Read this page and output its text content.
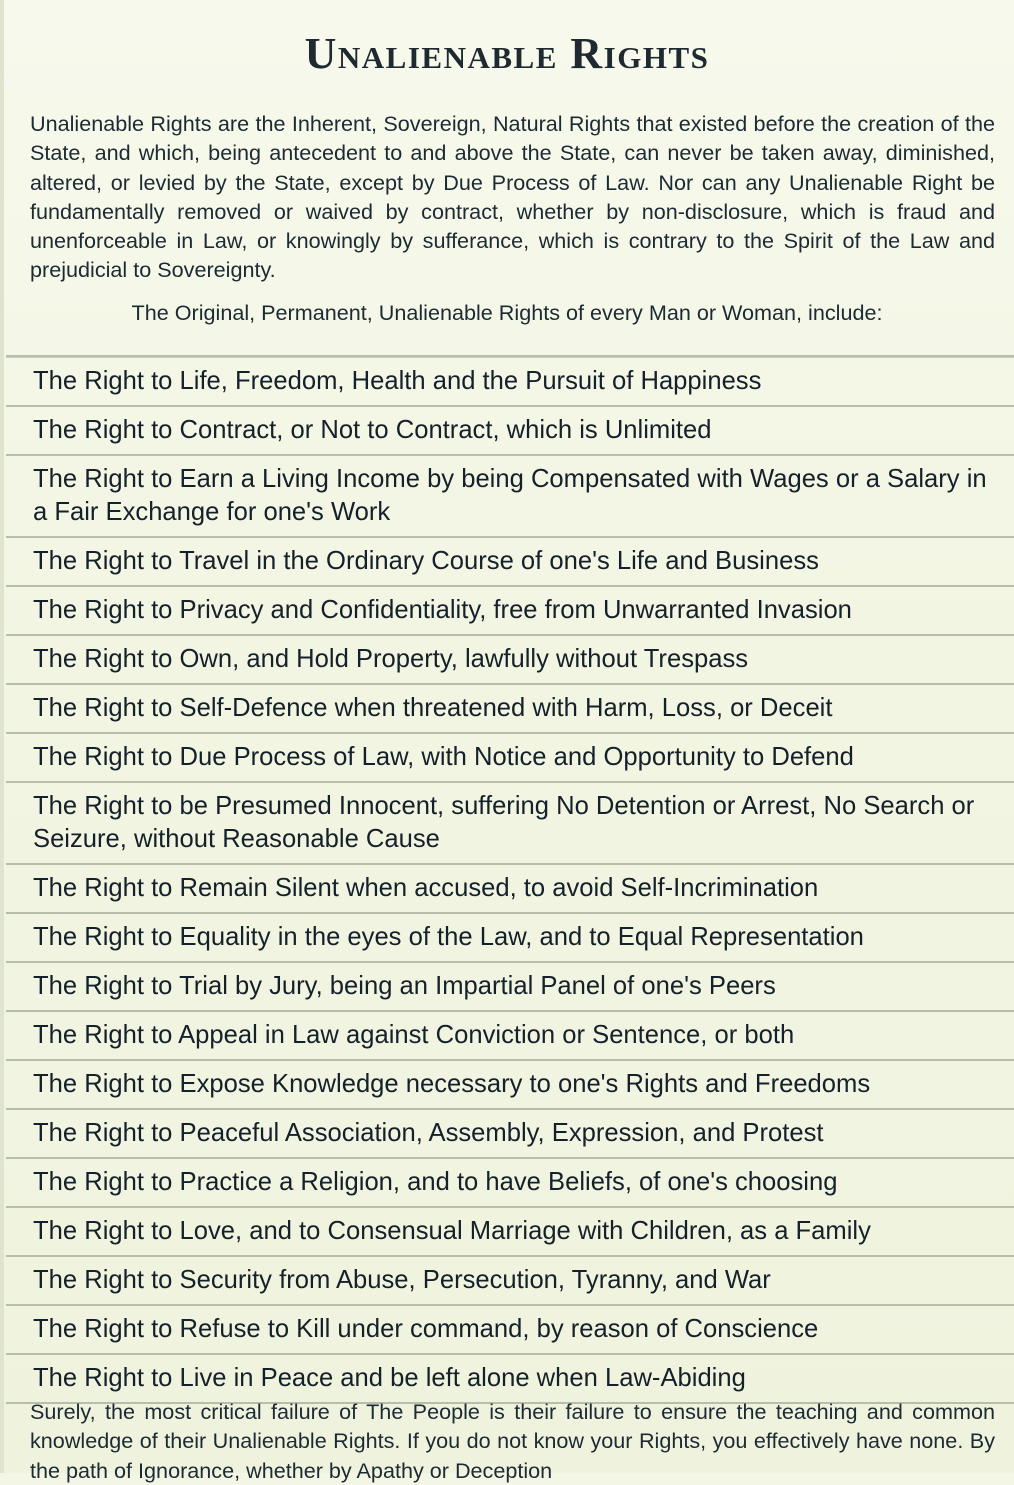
Unalienable Rights

Unalienable Rights are the Inherent, Sovereign, Natural Rights that existed before the creation of the State, and which, being antecedent to and above the State, can never be taken away, diminished, altered, or levied by the State, except by Due Process of Law. Nor can any Unalienable Right be fundamentally removed or waived by contract, whether by non-disclosure, which is fraud and unenforceable in Law, or knowingly by sufferance, which is contrary to the Spirit of the Law and prejudicial to Sovereignty.

The Original, Permanent, Unalienable Rights of every Man or Woman, include:

The Right to Life, Freedom, Health and the Pursuit of Happiness
The Right to Contract, or Not to Contract, which is Unlimited
The Right to Earn a Living Income by being Compensated with Wages or a Salary in a Fair Exchange for one's Work
The Right to Travel in the Ordinary Course of one's Life and Business
The Right to Privacy and Confidentiality, free from Unwarranted Invasion
The Right to Own, and Hold Property, lawfully without Trespass
The Right to Self-Defence when threatened with Harm, Loss, or Deceit
The Right to Due Process of Law, with Notice and Opportunity to Defend
The Right to be Presumed Innocent, suffering No Detention or Arrest, No Search or Seizure, without Reasonable Cause
The Right to Remain Silent when accused, to avoid Self-Incrimination
The Right to Equality in the eyes of the Law, and to Equal Representation
The Right to Trial by Jury, being an Impartial Panel of one's Peers
The Right to Appeal in Law against Conviction or Sentence, or both
The Right to Expose Knowledge necessary to one's Rights and Freedoms
The Right to Peaceful Association, Assembly, Expression, and Protest
The Right to Practice a Religion, and to have Beliefs, of one's choosing
The Right to Love, and to Consensual Marriage with Children, as a Family
The Right to Security from Abuse, Persecution, Tyranny, and War
The Right to Refuse to Kill under command, by reason of Conscience
The Right to Live in Peace and be left alone when Law-Abiding

Surely, the most critical failure of The People is their failure to ensure the teaching and common knowledge of their Unalienable Rights. If you do not know your Rights, you effectively have none. By the path of Ignorance, whether by Apathy or Deception
